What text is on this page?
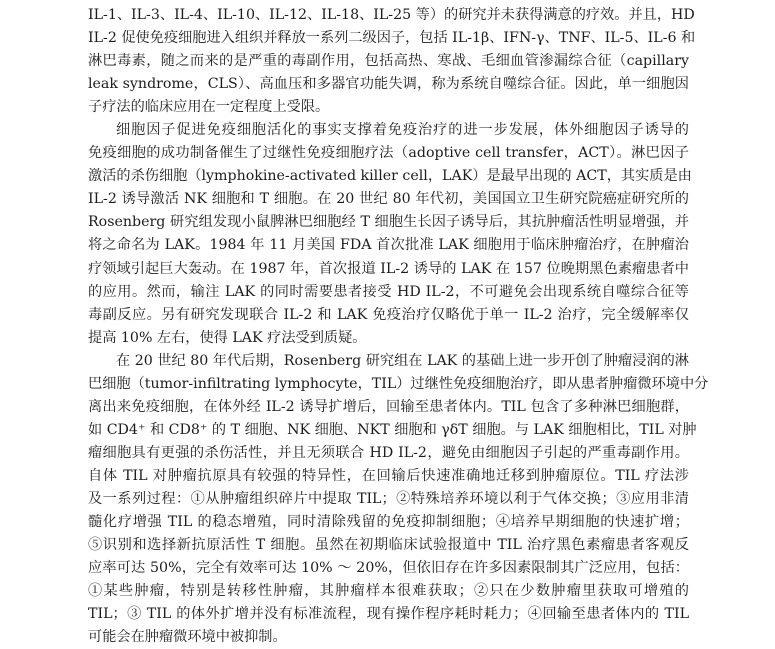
IL-1、IL-3、IL-4、IL-10、IL-12、IL-18、IL-25 等）的研究并未获得满意的疗效。并且，HD
IL-2 促使免疫细胞进入组织并释放一系列二级因子，包括 IL-1β、IFN-γ、TNF、IL-5、IL-6 和
淋巴毒素，随之而来的是严重的毒副作用，包括高热、寒战、毛细血管渗漏综合征（capillary
leak syndrome，CLS）、高血压和多器官功能失调，称为系统自噬综合征。因此，单一细胞因
子疗法的临床应用在一定程度上受限。
细胞因子促进免疫细胞活化的事实支撑着免疫治疗的进一步发展，体外细胞因子诱导的
免疫细胞的成功制备催生了过继性免疫细胞疗法（adoptive cell transfer，ACT）。淋巴因子
激活的杀伤细胞（lymphokine-activated killer cell，LAK）是最早出现的 ACT，其实质是由
IL-2 诱导激活 NK 细胞和 T 细胞。在 20 世纪 80 年代初，美国国立卫生研究院癌症研究所的
Rosenberg 研究组发现小鼠脾淋巴细胞经 T 细胞生长因子诱导后，其抗肿瘤活性明显增强，并
将之命名为 LAK。1984 年 11 月美国 FDA 首次批准 LAK 细胞用于临床肿瘤治疗，在肿瘤治
疗领域引起巨大轰动。在 1987 年，首次报道 IL-2 诱导的 LAK 在 157 位晚期黑色素瘤患者中
的应用。然而，输注 LAK 的同时需要患者接受 HD IL-2，不可避免会出现系统自噬综合征等
毒副反应。另有研究发现联合 IL-2 和 LAK 免疫治疗仅略优于单一 IL-2 治疗，完全缓解率仅
提高 10% 左右，使得 LAK 疗法受到质疑。
在 20 世纪 80 年代后期，Rosenberg 研究组在 LAK 的基础上进一步开创了肿瘤浸润的淋
巴细胞（tumor-infiltrating lymphocyte，TIL）过继性免疫细胞治疗，即从患者肿瘤微环境中分
离出来免疫细胞，在体外经 IL-2 诱导扩增后，回输至患者体内。TIL 包含了多种淋巴细胞群，
如 CD4⁺ 和 CD8⁺ 的 T 细胞、NK 细胞、NKT 细胞和 γδT 细胞。与 LAK 细胞相比，TIL 对肿
瘤细胞具有更强的杀伤活性，并且无须联合 HD IL-2，避免由细胞因子引起的严重毒副作用。
自体 TIL 对肿瘤抗原具有较强的特异性，在回输后快速准确地迁移到肿瘤原位。TIL 疗法涉
及一系列过程：①从肿瘤组织碎片中提取 TIL；②特殊培养环境以利于气体交换；③应用非清
髓化疗增强 TIL 的稳态增殖，同时清除残留的免疫抑制细胞；④培养早期细胞的快速扩增；
⑤识别和选择新抗原活性 T 细胞。虽然在初期临床试验报道中 TIL 治疗黑色素瘤患者客观反
应率可达 50%，完全有效率可达 10% ～ 20%，但依旧存在许多因素限制其广泛应用，包括：
①某些肿瘤，特别是转移性肿瘤，其肿瘤样本很难获取；②只在少数肿瘤里获取可增殖的
TIL；③ TIL 的体外扩增并没有标准流程，现有操作程序耗时耗力；④回输至患者体内的 TIL
可能会在肿瘤微环境中被抑制。
